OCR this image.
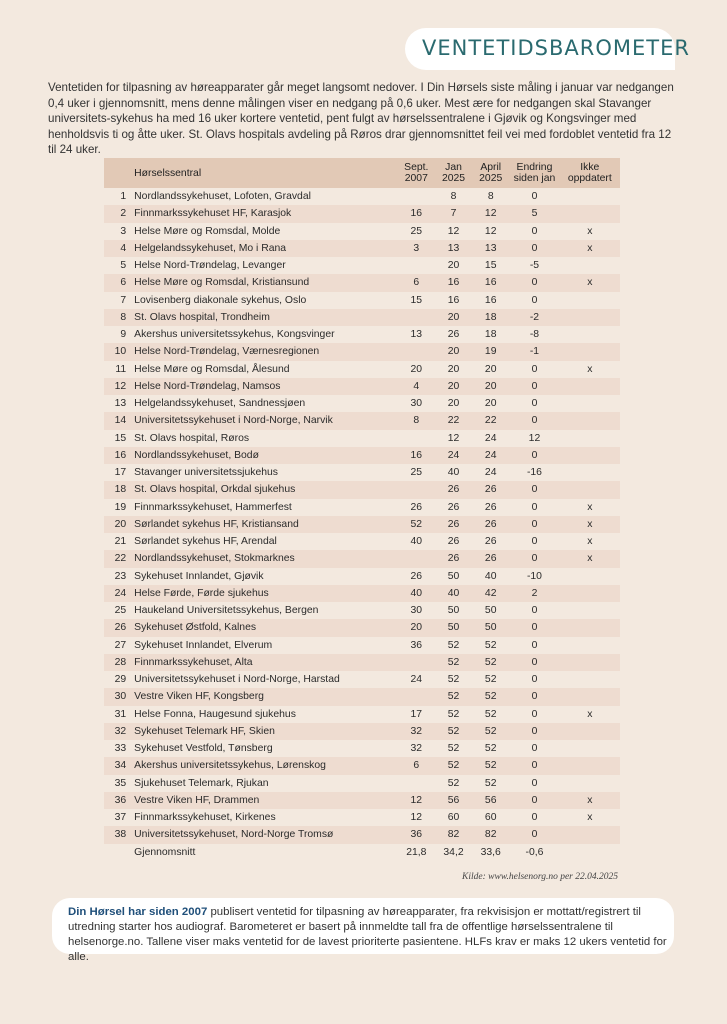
VENTETIDSBAROMETER

Ventetiden for tilpasning av høreapparater går meget langsomt nedover. I Din Hørsels siste måling i januar var nedgangen 0,4 uker i gjennomsnitt, mens denne målingen viser en nedgang på 0,6 uker. Mest ære for nedgangen skal Stavanger universitets-sykehus ha med 16 uker kortere ventetid, pent fulgt av hørselssentralene i Gjøvik og Kongsvinger med henholdsvis ti og åtte uker. St. Olavs hospitals avdeling på Røros drar gjennomsnittet feil vei med fordoblet ventetid fra 12 til 24 uker.

	Hørselssentral	Sept. 2007	Jan 2025	April 2025	Endring siden jan	Ikke oppdatert
1	Nordlandssykehuset, Lofoten, Gravdal		8	8	0	
2	Finnmarkssykehuset HF, Karasjok	16	7	12	5	
3	Helse Møre og Romsdal, Molde	25	12	12	0	x
4	Helgelandssykehuset, Mo i Rana	3	13	13	0	x
5	Helse Nord-Trøndelag, Levanger		20	15	-5	
6	Helse Møre og Romsdal, Kristiansund	6	16	16	0	x
7	Lovisenberg diakonale sykehus, Oslo	15	16	16	0	
8	St. Olavs hospital, Trondheim		20	18	-2	
9	Akershus universitetssykehus, Kongsvinger	13	26	18	-8	
10	Helse Nord-Trøndelag, Værnesregionen		20	19	-1	
11	Helse Møre og Romsdal, Ålesund	20	20	20	0	x
12	Helse Nord-Trøndelag, Namsos	4	20	20	0	
13	Helgelandssykehuset, Sandnessjøen	30	20	20	0	
14	Universitetssykehuset i Nord-Norge, Narvik	8	22	22	0	
15	St. Olavs hospital, Røros		12	24	12	
16	Nordlandssykehuset, Bodø	16	24	24	0	
17	Stavanger universitetssjukehus	25	40	24	-16	
18	St. Olavs hospital, Orkdal sjukehus		26	26	0	
19	Finnmarkssykehuset, Hammerfest	26	26	26	0	x
20	Sørlandet sykehus HF, Kristiansand	52	26	26	0	x
21	Sørlandet sykehus HF, Arendal	40	26	26	0	x
22	Nordlandssykehuset, Stokmarknes		26	26	0	x
23	Sykehuset Innlandet, Gjøvik	26	50	40	-10	
24	Helse Førde, Førde sjukehus	40	40	42	2	
25	Haukeland Universitetssykehus, Bergen	30	50	50	0	
26	Sykehuset Østfold, Kalnes	20	50	50	0	
27	Sykehuset Innlandet, Elverum	36	52	52	0	
28	Finnmarkssykehuset, Alta		52	52	0	
29	Universitetssykehuset i Nord-Norge, Harstad	24	52	52	0	
30	Vestre Viken HF, Kongsberg		52	52	0	
31	Helse Fonna, Haugesund sjukehus	17	52	52	0	x
32	Sykehuset Telemark HF, Skien	32	52	52	0	
33	Sykehuset Vestfold, Tønsberg	32	52	52	0	
34	Akershus universitetssykehus, Lørenskog	6	52	52	0	
35	Sjukehuset Telemark, Rjukan		52	52	0	
36	Vestre Viken HF, Drammen	12	56	56	0	x
37	Finnmarkssykehuset, Kirkenes	12	60	60	0	x
38	Universitetssykehuset, Nord-Norge Tromsø	36	82	82	0	
	Gjennomsnitt	21,8	34,2	33,6	-0,6	
Kilde: www.helsenorg.no per 22.04.2025
Din Hørsel har siden 2007 publisert ventetid for tilpasning av høreapparater, fra rekvisisjon er mottatt/registrert til utredning starter hos audiograf. Barometeret er basert på innmeldte tall fra de offentlige hørselssentralene til helsenorge.no. Tallene viser maks ventetid for de lavest prioriterte pasientene. HLFs krav er maks 12 ukers ventetid for alle.
